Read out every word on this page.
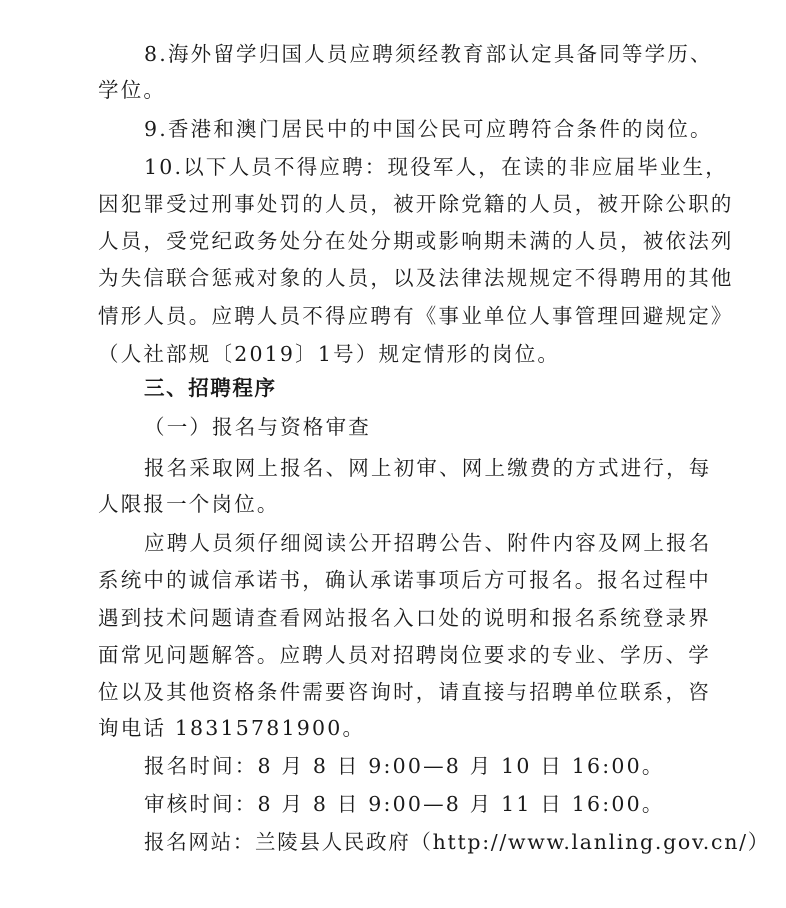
8.海外留学归国人员应聘须经教育部认定具备同等学历、
学位。
9.香港和澳门居民中的中国公民可应聘符合条件的岗位。
10.以下人员不得应聘：现役军人，在读的非应届毕业生，
因犯罪受过刑事处罚的人员，被开除党籍的人员，被开除公职的
人员，受党纪政务处分在处分期或影响期未满的人员，被依法列
为失信联合惩戒对象的人员，以及法律法规规定不得聘用的其他
情形人员。应聘人员不得应聘有《事业单位人事管理回避规定》
（人社部规〔2019〕1号）规定情形的岗位。
三、招聘程序
（一）报名与资格审查
报名采取网上报名、网上初审、网上缴费的方式进行，每
人限报一个岗位。
应聘人员须仔细阅读公开招聘公告、附件内容及网上报名
系统中的诚信承诺书，确认承诺事项后方可报名。报名过程中
遇到技术问题请查看网站报名入口处的说明和报名系统登录界
面常见问题解答。应聘人员对招聘岗位要求的专业、学历、学
位以及其他资格条件需要咨询时，请直接与招聘单位联系，咨
询电话 18315781900。
报名时间：8 月 8 日 9:00—8 月 10 日 16:00。
审核时间：8 月 8 日 9:00—8 月 11 日 16:00。
报名网站：兰陵县人民政府（http://www.lanling.gov.cn/）
